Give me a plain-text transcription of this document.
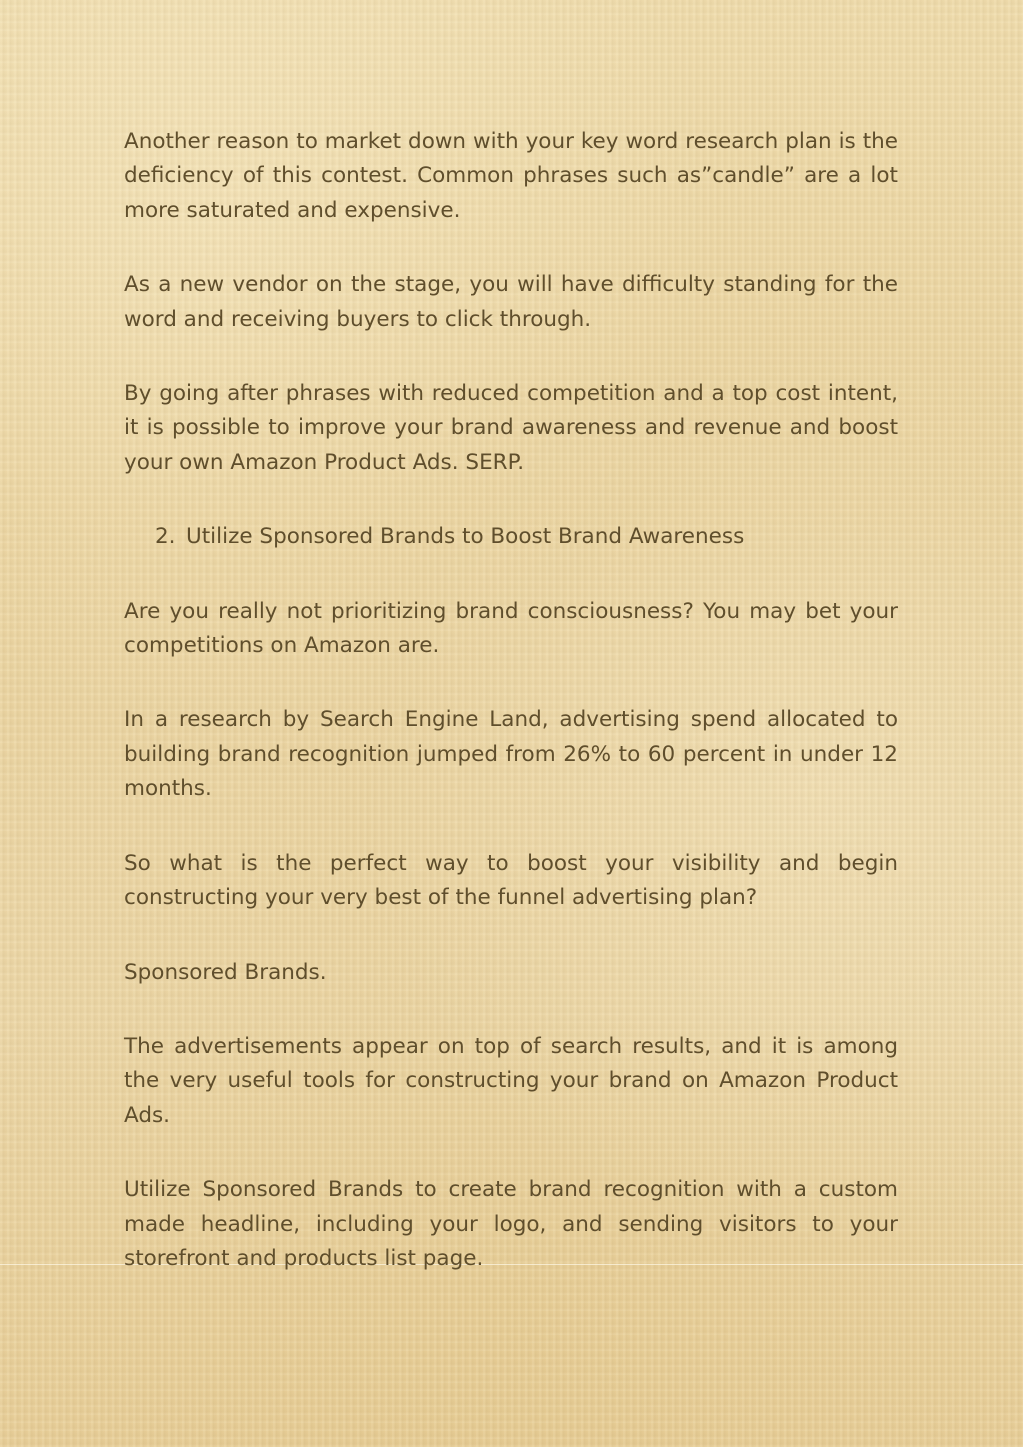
Another reason to market down with your key word research plan is the deficiency of this contest. Common phrases such as”candle” are a lot more saturated and expensive.

As a new vendor on the stage, you will have difficulty standing for the word and receiving buyers to click through.

By going after phrases with reduced competition and a top cost intent, it is possible to improve your brand awareness and revenue and boost your own Amazon Product Ads. SERP.

2. Utilize Sponsored Brands to Boost Brand Awareness

Are you really not prioritizing brand consciousness? You may bet your competitions on Amazon are.

In a research by Search Engine Land, advertising spend allocated to building brand recognition jumped from 26% to 60 percent in under 12 months.

So what is the perfect way to boost your visibility and begin constructing your very best of the funnel advertising plan?

Sponsored Brands.

The advertisements appear on top of search results, and it is among the very useful tools for constructing your brand on Amazon Product Ads.

Utilize Sponsored Brands to create brand recognition with a custom made headline, including your logo, and sending visitors to your storefront and products list page.
